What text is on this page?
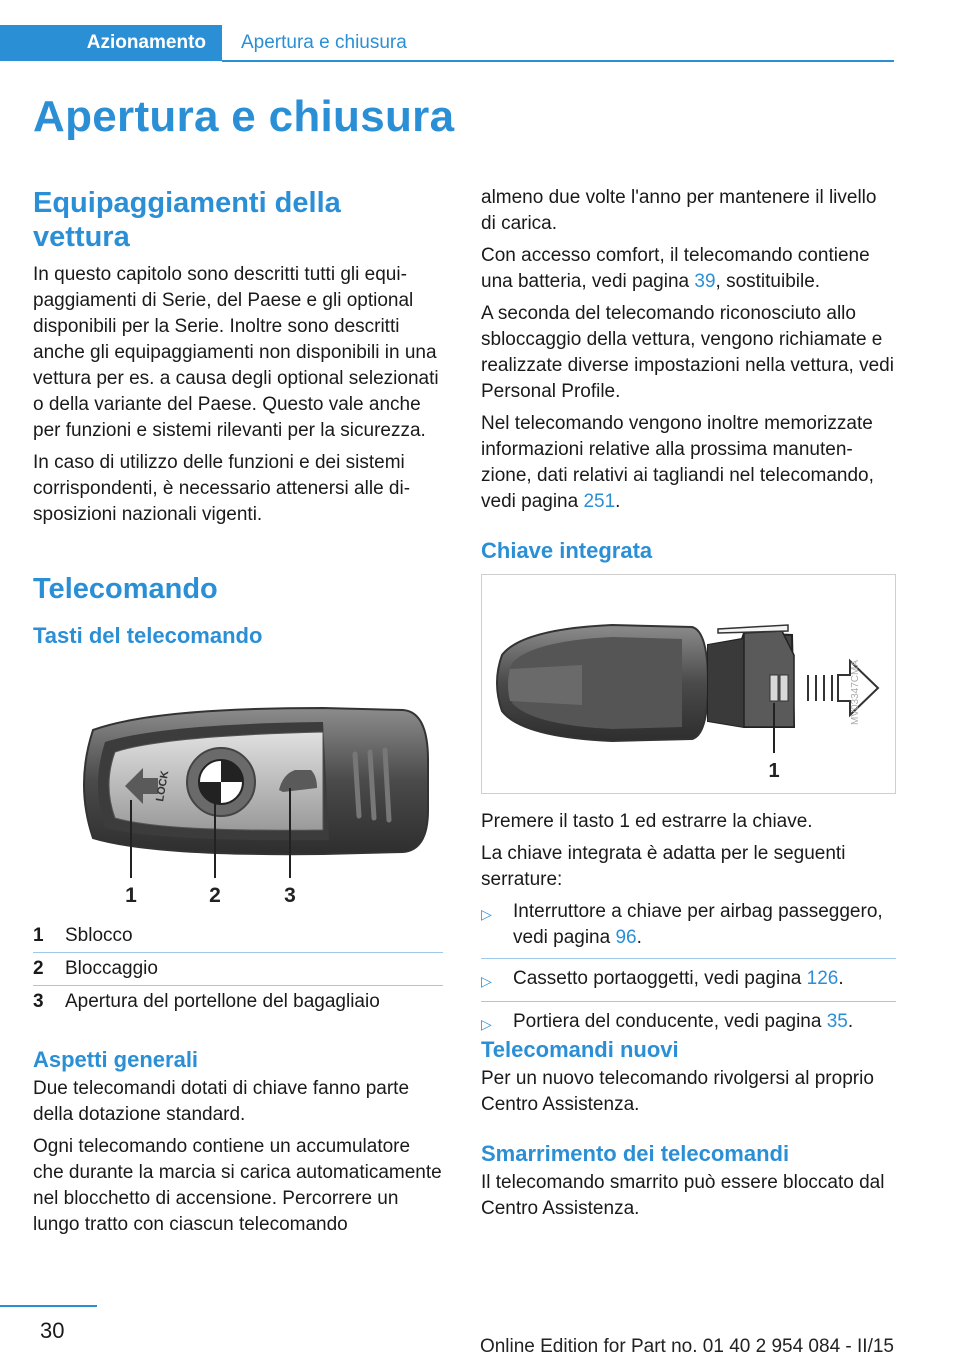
Azionamento	Apertura e chiusura
Apertura e chiusura
Equipaggiamenti della vettura

In questo capitolo sono descritti tutti gli equipaggiamenti di Serie, del Paese e gli optional disponibili per la Serie. Inoltre sono descritti anche gli equipaggiamenti non disponibili in una vettura per es. a causa degli optional selezionati o della variante del Paese. Questo vale anche per funzioni e sistemi rilevanti per la sicurezza.

In caso di utilizzo delle funzioni e dei sistemi corrispondenti, è necessario attenersi alle disposizioni nazionali vigenti.

Telecomando
Tasti del telecomando
LOCK
1	2	3
1	Sblocco
2	Bloccaggio
3	Apertura del portellone del bagagliaio
Aspetti generali

Due telecomandi dotati di chiave fanno parte della dotazione standard.

Ogni telecomando contiene un accumulatore che durante la marcia si carica automaticamente nel blocchetto di accensione. Percorrere un lungo tratto con ciascun telecomando

almeno due volte l'anno per mantenere il livello di carica.

Con accesso comfort, il telecomando contiene una batteria, vedi pagina 39, sostituibile.

A seconda del telecomando riconosciuto allo sbloccaggio della vettura, vengono richiamate e realizzate diverse impostazioni nella vettura, vedi Personal Profile.

Nel telecomando vengono inoltre memorizzate informazioni relative alla prossima manutenzione, dati relativi ai tagliandi nel telecomando, vedi pagina 251.

Chiave integrata
1
MV03347CMA

Premere il tasto 1 ed estrarre la chiave.

La chiave integrata è adatta per le seguenti serrature:

▷	Interruttore a chiave per airbag passeggero, vedi pagina 96.
▷	Cassetto portaoggetti, vedi pagina 126.
▷	Portiera del conducente, vedi pagina 35.
Telecomandi nuovi

Per un nuovo telecomando rivolgersi al proprio Centro Assistenza.

Smarrimento dei telecomandi

Il telecomando smarrito può essere bloccato dal Centro Assistenza.

30
Online Edition for Part no. 01 40 2 954 084 - II/15
